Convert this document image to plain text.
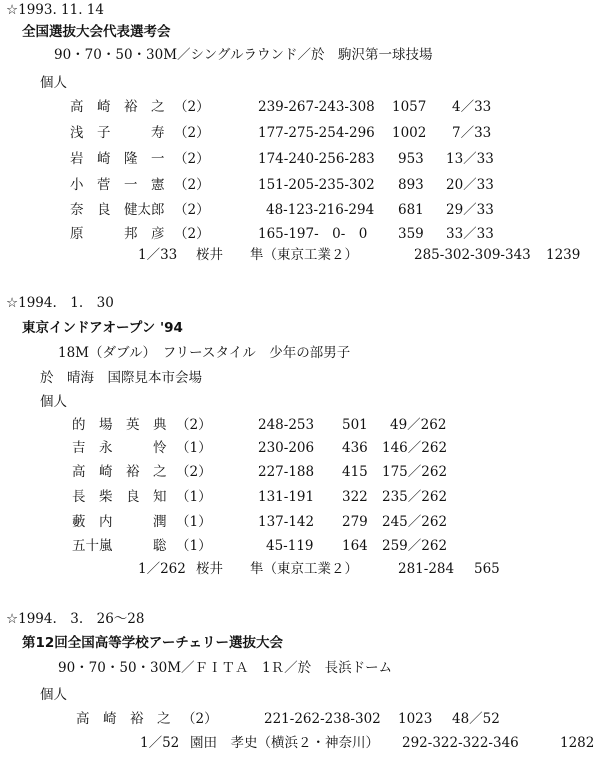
☆1993. 11. 14
全国選抜大会代表選考会
90・70・50・30M／シングルラウンド／於　駒沢第一球技場
個人
高　崎　裕　之 （2）	239-267-243-308 1057 4／33
浅　子　　　寿 （2）	177-275-254-296 1002 7／33
岩　崎　隆　一 （2）	174-240-256-283 953 13／33
小　菅　一　憲 （2）	151-205-235-302 893 20／33
奈　良　健太郎 （2）	48-123-216-294 681 29／33
原　　　邦　彦 （2）	165-197-　0-　0 359 33／33
1／33 桜井　　隼（東京工業２）	285-302-309-343 1239
☆1994.　1.　30
東京インドアオープン '94
18M（ダブル）　フリースタイル　少年の部男子
於　晴海　国際見本市会場
個人
的　場　英　典 （2）	248-253 501 49／262
吉　永　　　怜 （1）	230-206 436 146／262
高　崎　裕　之 （2）	227-188 415 175／262
長　柴　良　知 （1）	131-191 322 235／262
藪　内　　　潤 （1）	137-142 279 245／262
五十嵐　　　聡 （1）	45-119 164 259／262
1／262 桜井　　隼（東京工業２）	281-284 565
☆1994.　3.　26～28
第12回全国高等学校アーチェリー選抜大会
90・70・50・30M／ＦＩＴＡ　1Ｒ／於　長浜ドーム
個人
高　崎　裕　之 （2）	221-262-238-302 1023 48／52
1／52 園田　孝史（横浜２・神奈川） 292-322-322-346	1282
